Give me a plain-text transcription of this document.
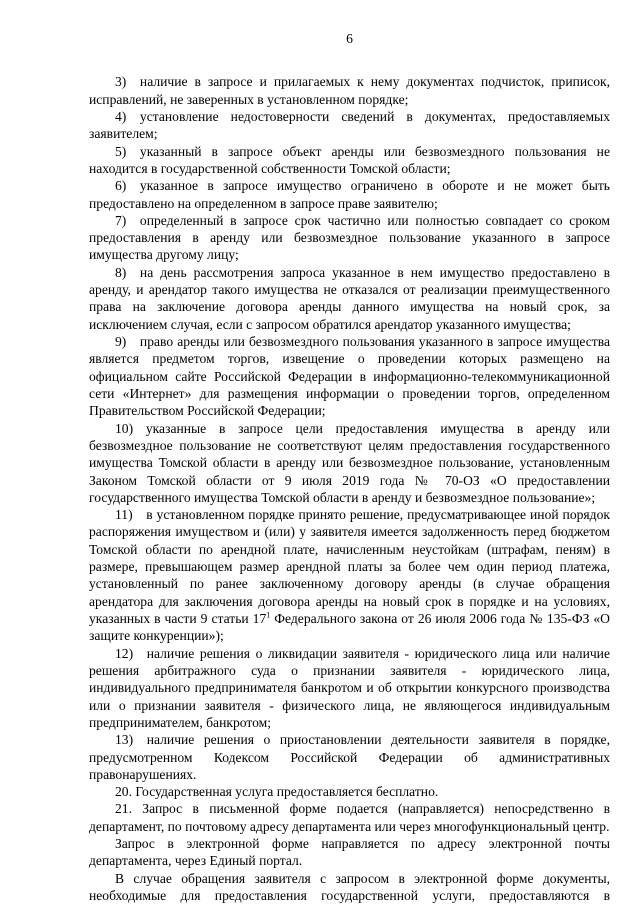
6

3) наличие в запросе и прилагаемых к нему документах подчисток, приписок, исправлений, не заверенных в установленном порядке;

4) установление недостоверности сведений в документах, предоставляемых заявителем;

5) указанный в запросе объект аренды или безвозмездного пользования не находится в государственной собственности Томской области;

6) указанное в запросе имущество ограничено в обороте и не может быть предоставлено на определенном в запросе праве заявителю;

7) определенный в запросе срок частично или полностью совпадает со сроком предоставления в аренду или безвозмездное пользование указанного в запросе имущества другому лицу;

8) на день рассмотрения запроса указанное в нем имущество предоставлено в аренду, и арендатор такого имущества не отказался от реализации преимущественного права на заключение договора аренды данного имущества на новый срок, за исключением случая, если с запросом обратился арендатор указанного имущества;

9) право аренды или безвозмездного пользования указанного в запросе имущества является предметом торгов, извещение о проведении которых размещено на официальном сайте Российской Федерации в информационно-телекоммуникационной сети «Интернет» для размещения информации о проведении торгов, определенном Правительством Российской Федерации;

10) указанные в запросе цели предоставления имущества в аренду или безвозмездное пользование не соответствуют целям предоставления государственного имущества Томской области в аренду или безвозмездное пользование, установленным Законом Томской области от 9 июля 2019 года № 70-ОЗ «О предоставлении государственного имущества Томской области в аренду и безвозмездное пользование»;

11) в установленном порядке принято решение, предусматривающее иной порядок распоряжения имуществом и (или) у заявителя имеется задолженность перед бюджетом Томской области по арендной плате, начисленным неустойкам (штрафам, пеням) в размере, превышающем размер арендной платы за более чем один период платежа, установленный по ранее заключенному договору аренды (в случае обращения арендатора для заключения договора аренды на новый срок в порядке и на условиях, указанных в части 9 статьи $17^1$ Федерального закона от 26 июля 2006 года № 135-ФЗ «О защите конкуренции»);

12) наличие решения о ликвидации заявителя - юридического лица или наличие решения арбитражного суда о признании заявителя - юридического лица, индивидуального предпринимателя банкротом и об открытии конкурсного производства или о признании заявителя - физического лица, не являющегося индивидуальным предпринимателем, банкротом;

13) наличие решения о приостановлении деятельности заявителя в порядке, предусмотренном Кодексом Российской Федерации об административных правонарушениях.

20. Государственная услуга предоставляется бесплатно.

21. Запрос в письменной форме подается (направляется) непосредственно в департамент, по почтовому адресу департамента или через многофункциональный центр.

Запрос в электронной форме направляется по адресу электронной почты департамента, через Единый портал.

В случае обращения заявителя с запросом в электронной форме документы, необходимые для предоставления государственной услуги, предоставляются в
